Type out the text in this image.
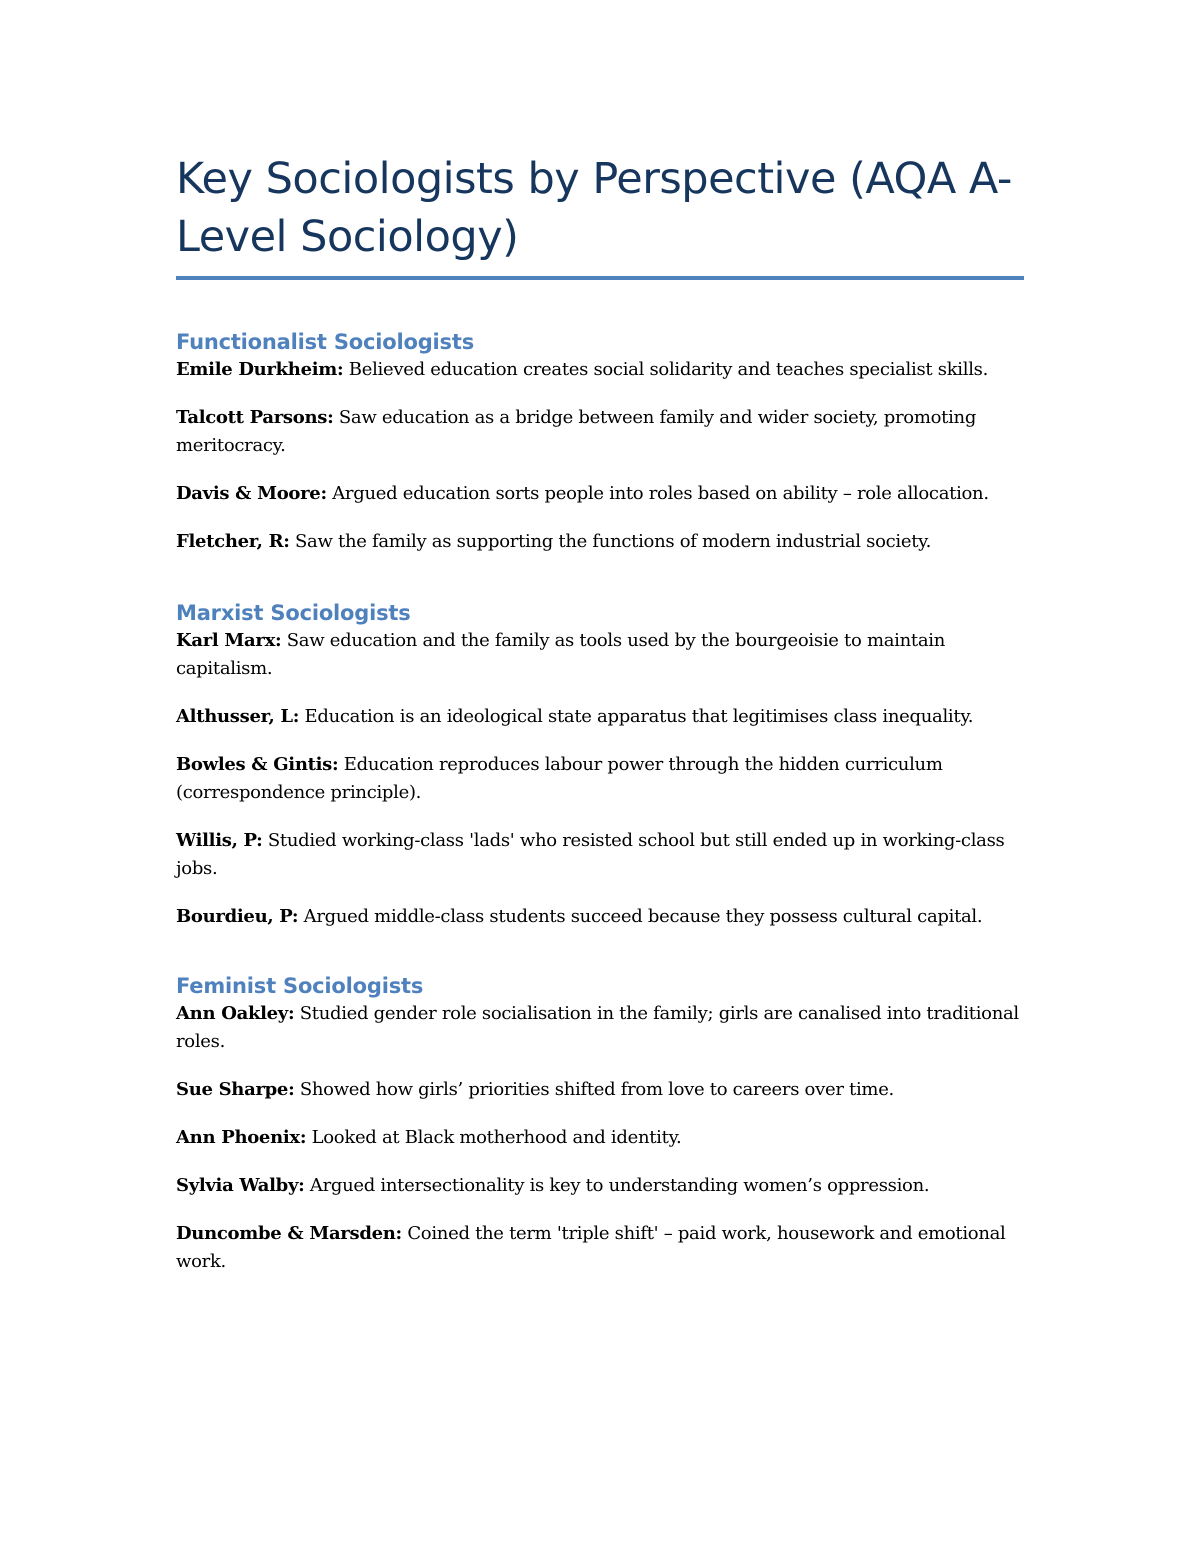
Key Sociologists by Perspective (AQA A-Level Sociology)
Functionalist Sociologists

Emile Durkheim: Believed education creates social solidarity and teaches specialist skills.

Talcott Parsons: Saw education as a bridge between family and wider society, promoting meritocracy.

Davis & Moore: Argued education sorts people into roles based on ability – role allocation.

Fletcher, R: Saw the family as supporting the functions of modern industrial society.

Marxist Sociologists

Karl Marx: Saw education and the family as tools used by the bourgeoisie to maintain capitalism.

Althusser, L: Education is an ideological state apparatus that legitimises class inequality.

Bowles & Gintis: Education reproduces labour power through the hidden curriculum (correspondence principle).

Willis, P: Studied working-class 'lads' who resisted school but still ended up in working-class jobs.

Bourdieu, P: Argued middle-class students succeed because they possess cultural capital.

Feminist Sociologists

Ann Oakley: Studied gender role socialisation in the family; girls are canalised into traditional roles.

Sue Sharpe: Showed how girls’ priorities shifted from love to careers over time.

Ann Phoenix: Looked at Black motherhood and identity.

Sylvia Walby: Argued intersectionality is key to understanding women’s oppression.

Duncombe & Marsden: Coined the term 'triple shift' – paid work, housework and emotional work.
